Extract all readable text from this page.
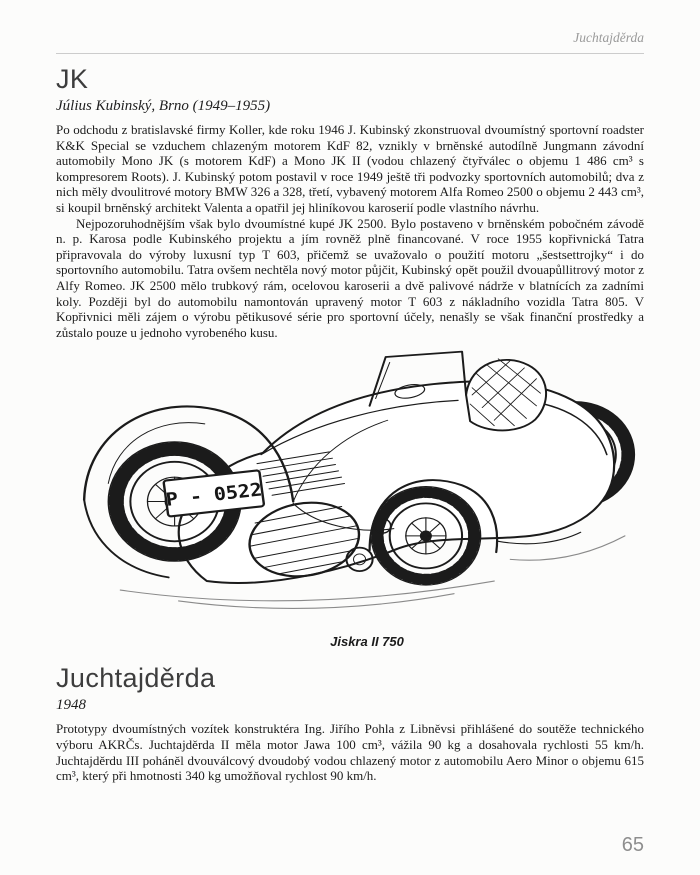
Juchtajděrda
JK

Július Kubinský, Brno (1949–1955)

Po odchodu z bratislavské firmy Koller, kde roku 1946 J. Kubinský zkonstruoval dvoumístný sportovní roadster K&K Special se vzduchem chlazeným motorem KdF 82, vznikly v brněnské autodílně Jungmann závodní automobily Mono JK (s motorem KdF) a Mono JK II (vodou chlazený čtyřválec o objemu 1 486 cm³ s kompresorem Roots). J. Kubinský potom postavil v roce 1949 ještě tři podvozky sportovních automobilů; dva z nich měly dvoulitrové motory BMW 326 a 328, třetí, vybavený motorem Alfa Romeo 2500 o objemu 2 443 cm³, si koupil brněnský architekt Valenta a opatřil jej hliníkovou karoserií podle vlastního návrhu.

Nejpozoruhodnějším však bylo dvoumístné kupé JK 2500. Bylo postaveno v brněnském pobočném závodě n. p. Karosa podle Kubinského projektu a jím rovněž plně financované. V roce 1955 kopřivnická Tatra připravovala do výroby luxusní typ T 603, přičemž se uvažovalo o použití motoru „šestsettrojky“ i do sportovního automobilu. Tatra ovšem nechtěla nový motor půjčit, Kubinský opět použil dvouapůllitrový motor z Alfy Romeo. JK 2500 mělo trubkový rám, ocelovou karoserii a dvě palivové nádrže v blatnících za zadními koly. Později byl do automobilu namontován upravený motor T 603 z nákladního vozidla Tatra 805. V Kopřivnici měli zájem o výrobu pětikusové série pro sportovní účely, nenašly se však finanční prostředky a zůstalo pouze u jednoho vyrobeného kusu.

P - 0522
Jiskra II 750
Juchtajděrda

1948

Prototypy dvoumístných vozítek konstruktéra Ing. Jiřího Pohla z Libněvsi přihlášené do soutěže technického výboru AKRČs. Juchtajděrda II měla motor Jawa 100 cm³, vážila 90 kg a dosahovala rychlosti 55 km/h. Juchtajděrdu III poháněl dvouválcový dvoudobý vodou chlazený motor z automobilu Aero Minor o objemu 615 cm³, který při hmotnosti 340 kg umožňoval rychlost 90 km/h.

65
